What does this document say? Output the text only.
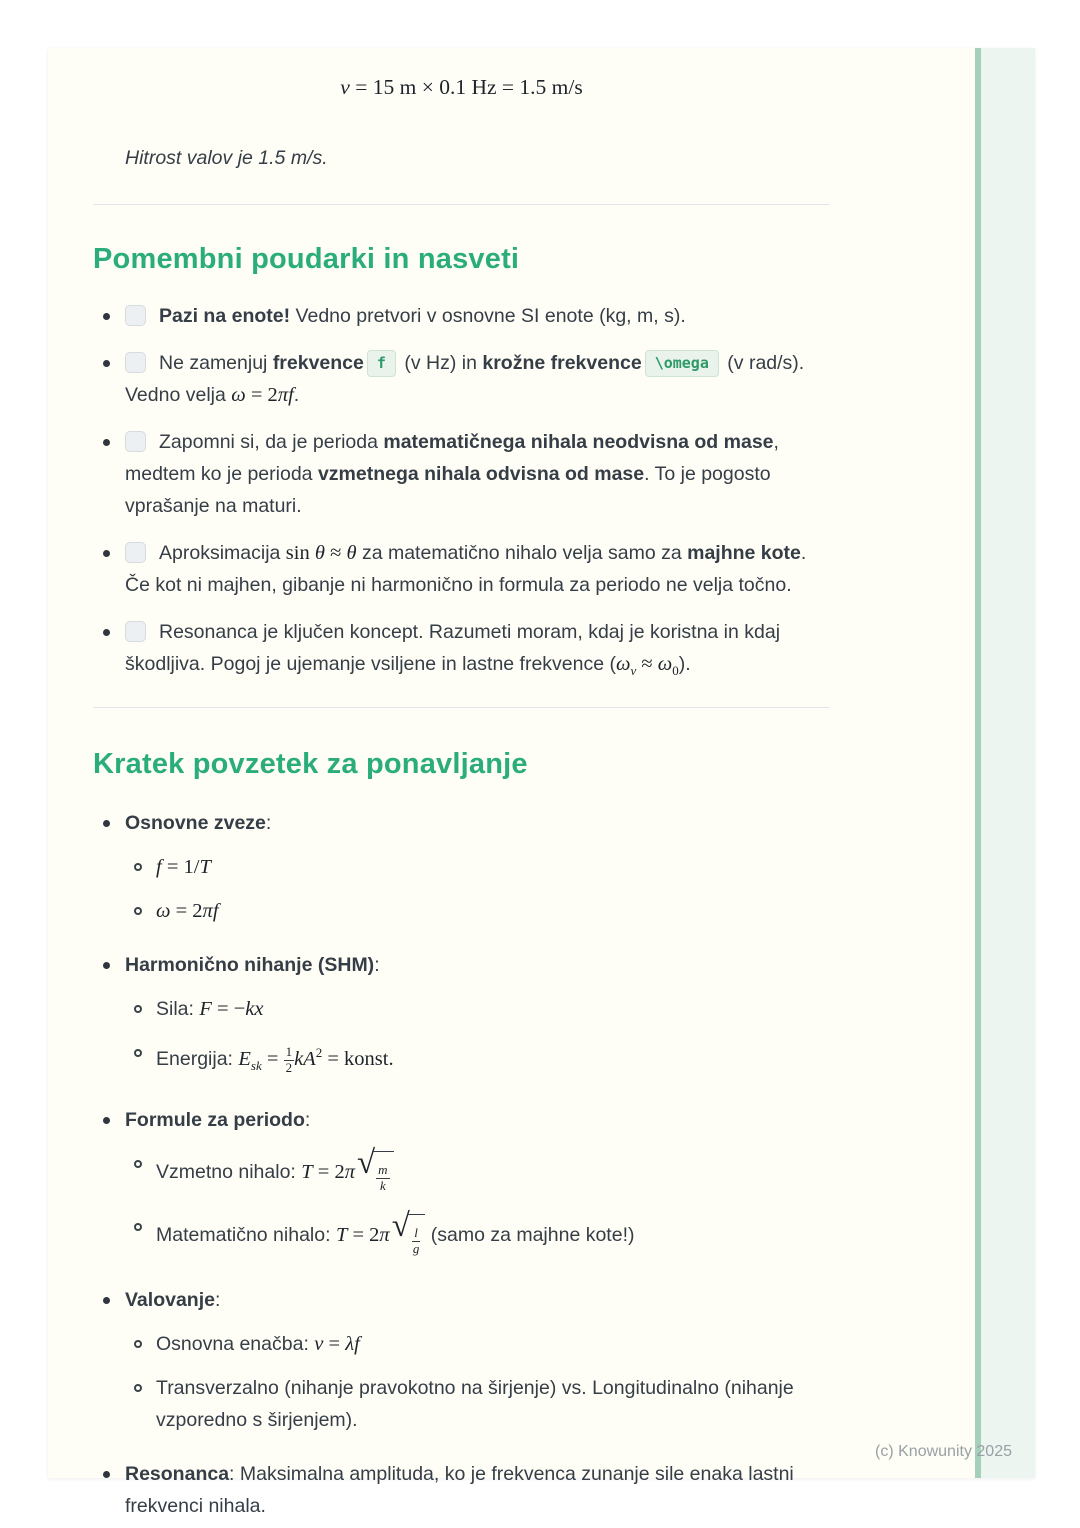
v = 15 m × 0.1 Hz = 1.5 m/s

Hitrost valov je 1.5 m/s.

Pomembni poudarki in nasveti
Pazi na enote! Vedno pretvori v osnovne SI enote (kg, m, s).
Ne zamenjuj frekvence f (v Hz) in krožne frekvence \omega (v rad/s). Vedno velja ω = 2πf.
Zapomni si, da je perioda matematičnega nihala neodvisna od mase, medtem ko je perioda vzmetnega nihala odvisna od mase. To je pogosto vprašanje na maturi.
Aproksimacija sin θ ≈ θ za matematično nihalo velja samo za majhne kote. Če kot ni majhen, gibanje ni harmonično in formula za periodo ne velja točno.
Resonanca je ključen koncept. Razumeti moram, kdaj je koristna in kdaj škodljiva. Pogoj je ujemanje vsiljene in lastne frekvence $(\omega_v \approx \omega_0)$.
Kratek povzetek za ponavljanje
Osnovne zveze:
f = 1/T
ω = 2πf
Harmonično nihanje (SHM):
Sila: F = −kx
Energija: $E_{sk} = \frac{1}{2} kA^2$ = konst.
Formule za periodo:
Vzmetno nihalo: T = 2π √ $\frac{m}{k}$
Matematično nihalo: T = 2π √ $\frac{l}{g}$ (samo za majhne kote!)
Valovanje:
Osnovna enačba: v = λf
Transverzalno (nihanje pravokotno na širjenje) vs. Longitudinalno (nihanje vzporedno s širjenjem).
Resonanca: Maksimalna amplituda, ko je frekvenca zunanje sile enaka lastni frekvenci nihala.
(c) Knowunity 2025
